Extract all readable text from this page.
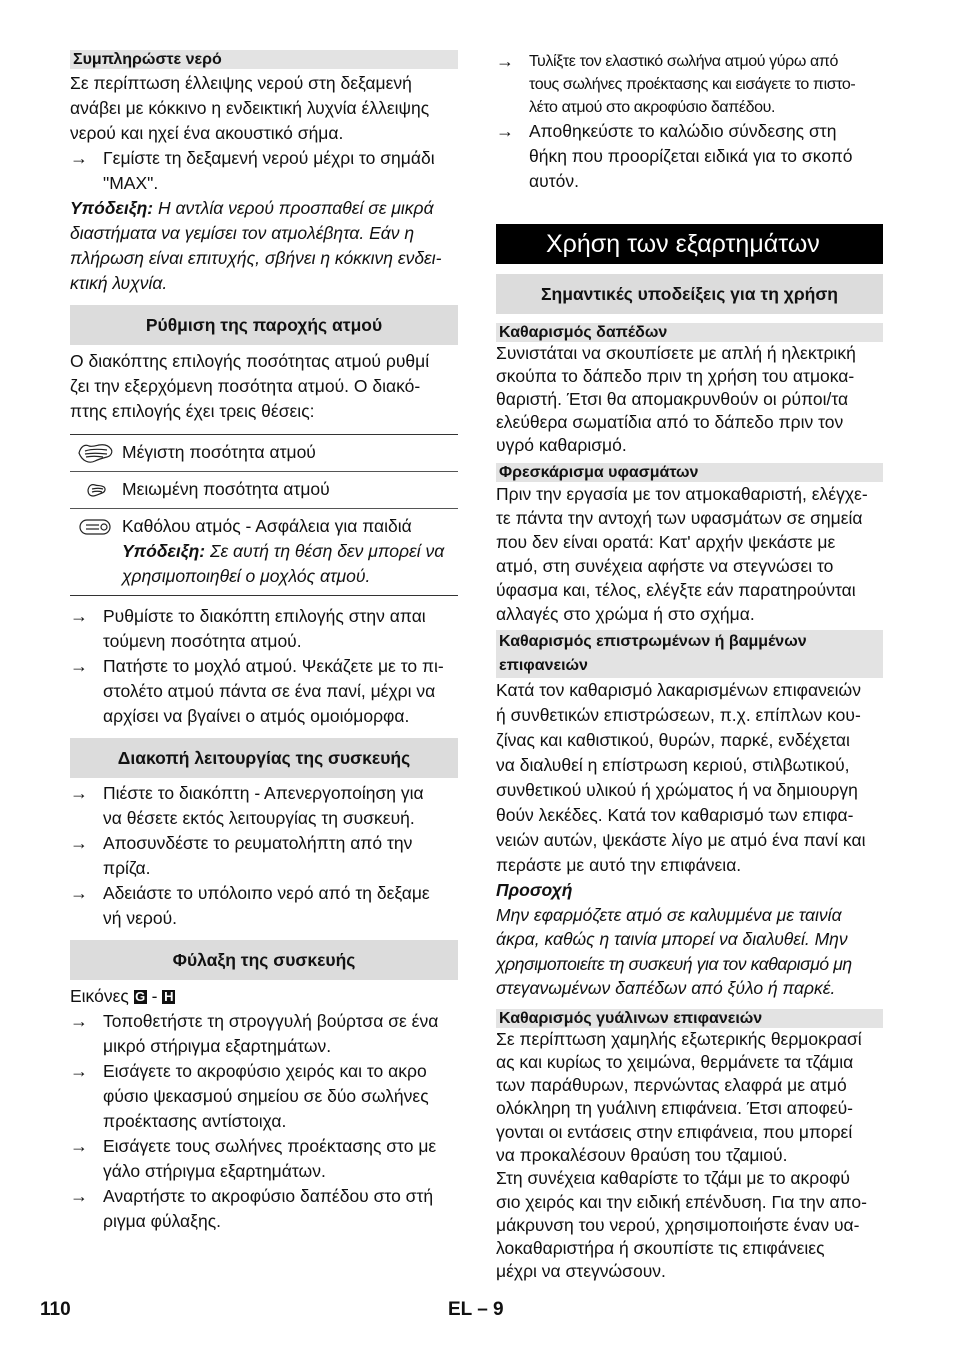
Συμπληρώστε νερό

Σε περίπτωση έλλειψης νερού στη δεξαμενή
ανάβει με κόκκινο η ενδεικτική λυχνία έλλειψης
νερού και ηχεί ένα ακουστικό σήμα.

→ Γεμίστε τη δεξαμενή νερού μέχρι το σημάδι
"MAX".

Υπόδειξη: Η αντλία νερού προσπαθεί σε μικρά
διαστήματα να γεμίσει τον ατμολέβητα. Εάν η
πλήρωση είναι επιτυχής, σβήνει η κόκκινη ενδει-
κτική λυχνία.

Ρύθμιση της παροχής ατμού

Ο διακόπτης επιλογής ποσότητας ατμού ρυθμί
ζει την εξερχόμενη ποσότητα ατμού. Ο διακό-
πτης επιλογής έχει τρεις θέσεις:

Μέγιστη ποσότητα ατμού
Μειωμένη ποσότητα ατμού
Καθόλου ατμός - Ασφάλεια για παιδιά
Υπόδειξη: Σε αυτή τη θέση δεν μπορεί να
χρησιμοποιηθεί ο μοχλός ατμού.
→ Ρυθμίστε το διακόπτη επιλογής στην απαι
τούμενη ποσότητα ατμού.
→ Πατήστε το μοχλό ατμού. Ψεκάζετε με το πι-
στολέτο ατμού πάντα σε ένα πανί, μέχρι να
αρχίσει να βγαίνει ο ατμός ομοιόμορφα.
Διακοπή λειτουργίας της συσκευής
→ Πιέστε το διακόπτη - Απενεργοποίηση για
να θέσετε εκτός λειτουργίας τη συσκευή.
→ Αποσυνδέστε το ρευματολήπτη από την
πρίζα.
→ Αδειάστε το υπόλοιπο νερό από τη δεξαμε
νή νερού.
Φύλαξη της συσκευής

Εικόνες G - H

→ Τοποθετήστε τη στρογγυλή βούρτσα σε ένα
μικρό στήριγμα εξαρτημάτων.
→ Εισάγετε το ακροφύσιο χειρός και το ακρο
φύσιο ψεκασμού σημείου σε δύο σωλήνες
προέκτασης αντίστοιχα.
→ Εισάγετε τους σωλήνες προέκτασης στο με
γάλο στήριγμα εξαρτημάτων.
→ Αναρτήστε το ακροφύσιο δαπέδου στο στή
ριγμα φύλαξης.
→ Τυλίξτε τον ελαστικό σωλήνα ατμού γύρω από
τους σωλήνες προέκτασης και εισάγετε το πιστο-
λέτο ατμού στο ακροφύσιο δαπέδου.
→ Αποθηκεύστε το καλώδιο σύνδεσης στη
θήκη που προορίζεται ειδικά για το σκοπό
αυτόν.
Χρήση των εξαρτημάτων
Σημαντικές υποδείξεις για τη χρήση
Καθαρισμός δαπέδων

Συνιστάται να σκουπίσετε με απλή ή ηλεκτρική
σκούπα το δάπεδο πριν τη χρήση του ατμοκα-
θαριστή. Έτσι θα απομακρυνθούν οι ρύποι/τα
ελεύθερα σωματίδια από το δάπεδο πριν τον
υγρό καθαρισμό.

Φρεσκάρισμα υφασμάτων

Πριν την εργασία με τον ατμοκαθαριστή, ελέγχε-
τε πάντα την αντοχή των υφασμάτων σε σημεία
που δεν είναι ορατά: Κατ' αρχήν ψεκάστε με
ατμό, στη συνέχεια αφήστε να στεγνώσει το
ύφασμα και, τέλος, ελέγξτε εάν παρατηρούνται
αλλαγές στο χρώμα ή στο σχήμα.

Καθαρισμός επιστρωμένων ή βαμμένων
επιφανειών

Κατά τον καθαρισμό λακαρισμένων επιφανειών
ή συνθετικών επιστρώσεων, π.χ. επίπλων κου-
ζίνας και καθιστικού, θυρών, παρκέ, ενδέχεται
να διαλυθεί η επίστρωση κεριού, στιλβωτικού,
συνθετικού υλικού ή χρώματος ή να δημιουργη
θούν λεκέδες. Κατά τον καθαρισμό των επιφα-
νειών αυτών, ψεκάστε λίγο με ατμό ένα πανί και
περάστε με αυτό την επιφάνεια.

Προσοχή
Μην εφαρμόζετε ατμό σε καλυμμένα με ταινία
άκρα, καθώς η ταινία μπορεί να διαλυθεί. Μην
χρησιμοποιείτε τη συσκευή για τον καθαρισμό μη
στεγανωμένων δαπέδων από ξύλο ή παρκέ.

Καθαρισμός γυάλινων επιφανειών

Σε περίπτωση χαμηλής εξωτερικής θερμοκρασί
ας και κυρίως το χειμώνα, θερμάνετε τα τζάμια
των παράθυρων, περνώντας ελαφρά με ατμό
ολόκληρη τη γυάλινη επιφάνεια. Έτσι αποφεύ-
γονται οι εντάσεις στην επιφάνεια, που μπορεί
να προκαλέσουν θραύση του τζαμιού.
Στη συνέχεια καθαρίστε το τζάμι με το ακροφύ
σιο χειρός και την ειδική επένδυση. Για την απο-
μάκρυνση του νερού, χρησιμοποιήστε έναν υα-
λοκαθαριστήρα ή σκουπίστε τις επιφάνειες
μέχρι να στεγνώσουν.

110	EL – 9
